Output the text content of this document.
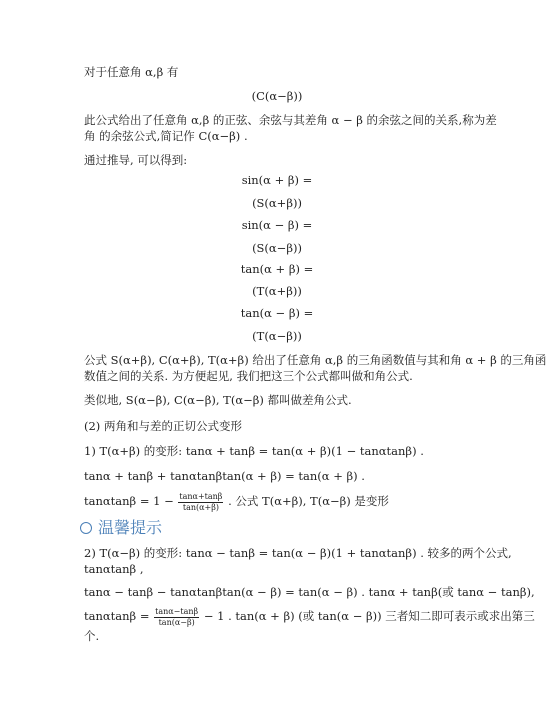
对于任意角 α,β 有
(C(α−β))
此公式给出了任意角 α,β 的正弦、余弦与其差角 α − β 的余弦之间的关系,称为差
角 的余弦公式,简记作 C(α−β) .
通过推导, 可以得到:
sin(α + β) =
(S(α+β))
sin(α − β) =
(S(α−β))
tan(α + β) =
(T(α+β))
tan(α − β) =
(T(α−β))
公式 S(α+β), C(α+β), T(α+β) 给出了任意角 α,β 的三角函数值与其和角 α + β 的三角函
数值之间的关系. 为方便起见, 我们把这三个公式都叫做和角公式.
类似地, S(α−β), C(α−β), T(α−β) 都叫做差角公式.
(2) 两角和与差的正切公式变形
1) T(α+β) 的变形: tanα + tanβ = tan(α + β)(1 − tanαtanβ) .
tanα + tanβ + tanαtanβtan(α + β) = tan(α + β) .
$\tan\alpha\tan\beta = 1 - \frac{\tan\alpha+\tan\beta}{\tan(\alpha+\beta)}$ . 公式 T(α+β), T(α−β) 是变形
温馨提示
2) T(α−β) 的变形: tanα − tanβ = tan(α − β)(1 + tanαtanβ) . 较多的两个公式,
tanαtanβ ,
tanα − tanβ − tanαtanβtan(α − β) = tan(α − β) . tanα + tanβ(或 tanα − tanβ),
$\tan\alpha\tan\beta = \frac{\tan\alpha-\tan\beta}{\tan(\alpha-\beta)} - 1$ . tan(α + β) (或 tan(α − β)) 三者知二即可表示或求出第三
个.
